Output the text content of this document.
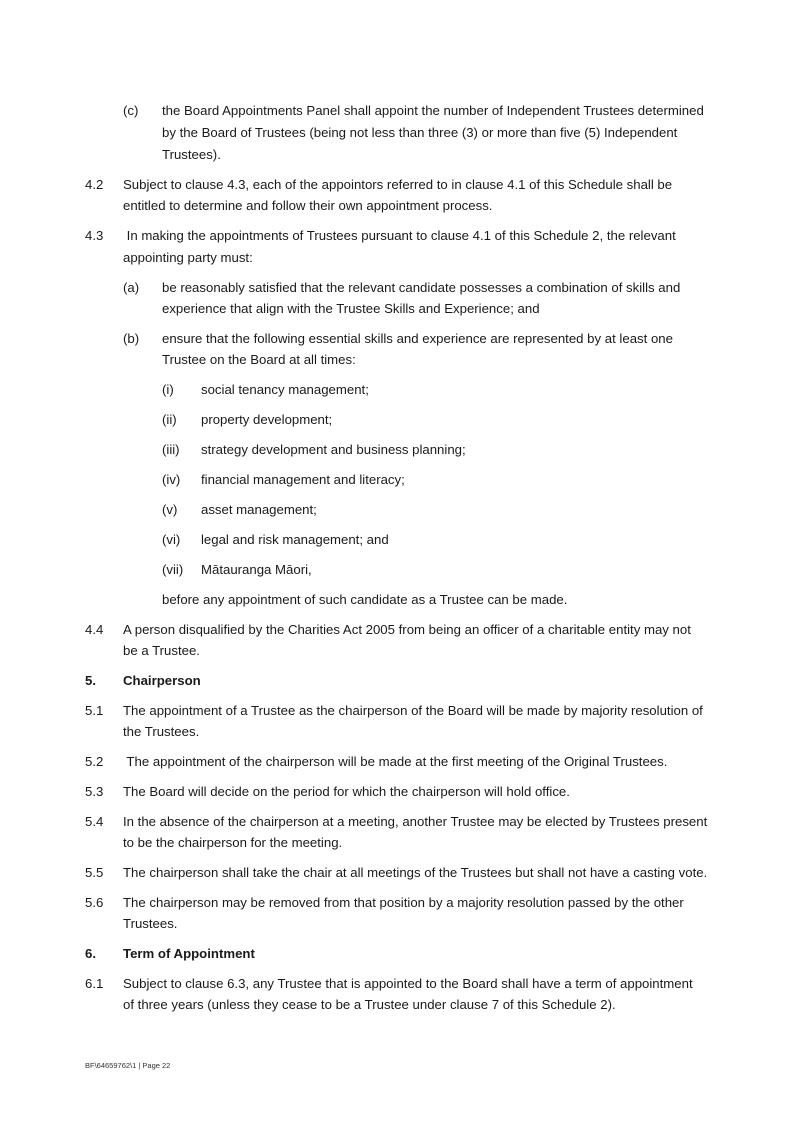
(c) the Board Appointments Panel shall appoint the number of Independent Trustees determined
by the Board of Trustees (being not less than three (3) or more than five (5) Independent
Trustees).
4.2 Subject to clause 4.3, each of the appointors referred to in clause 4.1 of this Schedule shall be
entitled to determine and follow their own appointment process.
4.3 In making the appointments of Trustees pursuant to clause 4.1 of this Schedule 2, the relevant
appointing party must:
(a) be reasonably satisfied that the relevant candidate possesses a combination of skills and
experience that align with the Trustee Skills and Experience; and
(b) ensure that the following essential skills and experience are represented by at least one
Trustee on the Board at all times:
(i) social tenancy management;
(ii) property development;
(iii) strategy development and business planning;
(iv) financial management and literacy;
(v) asset management;
(vi) legal and risk management; and
(vii) Mātauranga Māori,
before any appointment of such candidate as a Trustee can be made.
4.4 A person disqualified by the Charities Act 2005 from being an officer of a charitable entity may not
be a Trustee.
5. Chairperson
5.1 The appointment of a Trustee as the chairperson of the Board will be made by majority resolution of
the Trustees.
5.2 The appointment of the chairperson will be made at the first meeting of the Original Trustees.
5.3 The Board will decide on the period for which the chairperson will hold office.
5.4 In the absence of the chairperson at a meeting, another Trustee may be elected by Trustees present
to be the chairperson for the meeting.
5.5 The chairperson shall take the chair at all meetings of the Trustees but shall not have a casting vote.
5.6 The chairperson may be removed from that position by a majority resolution passed by the other
Trustees.
6. Term of Appointment
6.1 Subject to clause 6.3, any Trustee that is appointed to the Board shall have a term of appointment
of three years (unless they cease to be a Trustee under clause 7 of this Schedule 2).
BF\64659762\1 | Page 22
